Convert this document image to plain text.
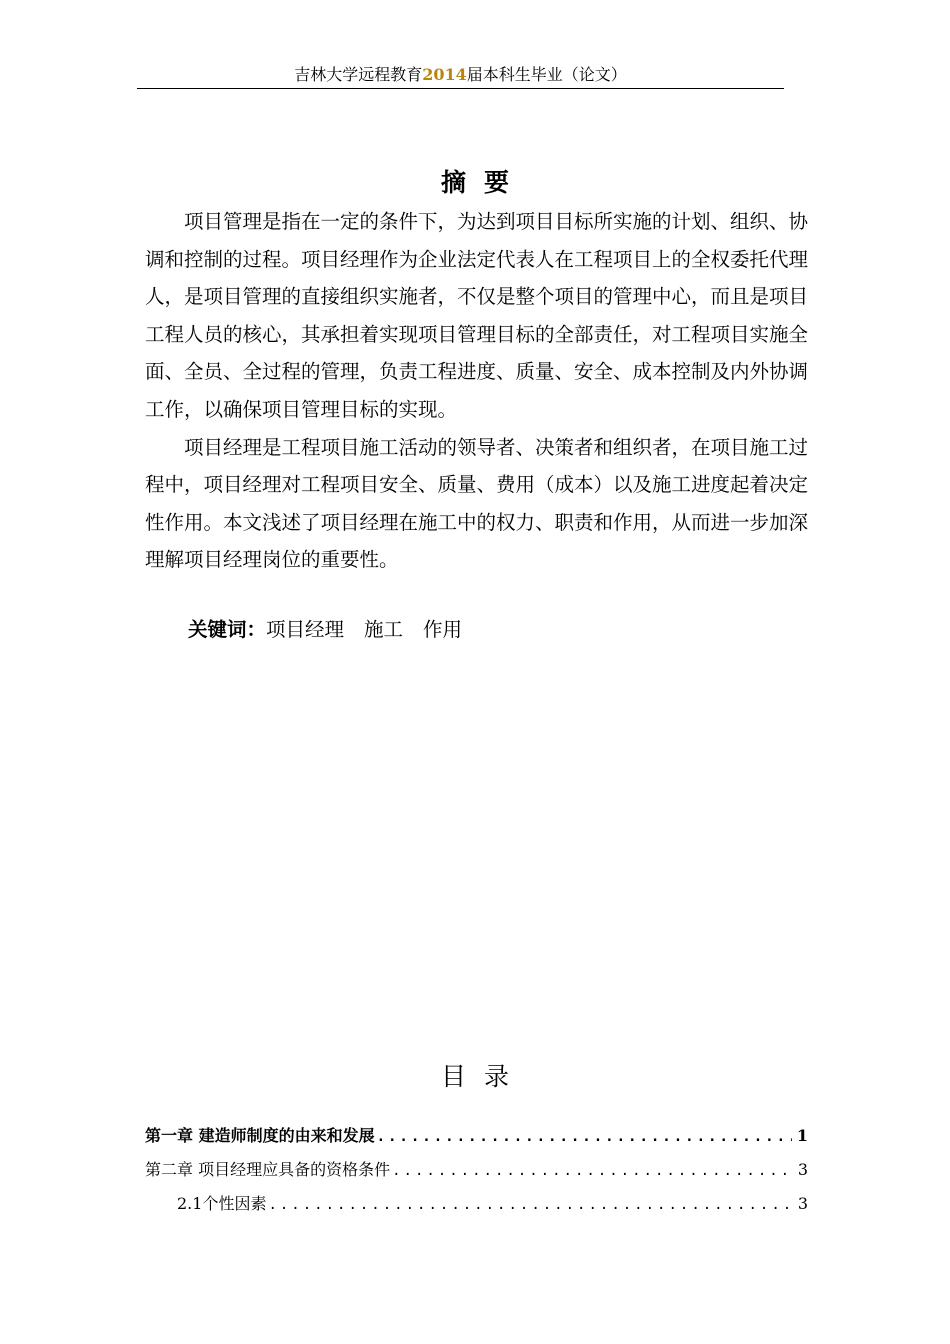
吉林大学远程教育2014届本科生毕业（论文）
摘要

项目管理是指在一定的条件下，为达到项目目标所实施的计划、组织、协调和控制的过程。项目经理作为企业法定代表人在工程项目上的全权委托代理人，是项目管理的直接组织实施者，不仅是整个项目的管理中心，而且是项目工程人员的核心，其承担着实现项目管理目标的全部责任，对工程项目实施全面、全员、全过程的管理，负责工程进度、质量、安全、成本控制及内外协调工作，以确保项目管理目标的实现。

项目经理是工程项目施工活动的领导者、决策者和组织者，在项目施工过程中，项目经理对工程项目安全、质量、费用（成本）以及施工进度起着决定性作用。本文浅述了项目经理在施工中的权力、职责和作用，从而进一步加深理解项目经理岗位的重要性。

关键词：项目经理 施工 作用
目录
第一章 建造师制度的由来和发展 .....	1
第二章 项目经理应具备的资格条件 .....	3
2.1个性因素 .....	3
